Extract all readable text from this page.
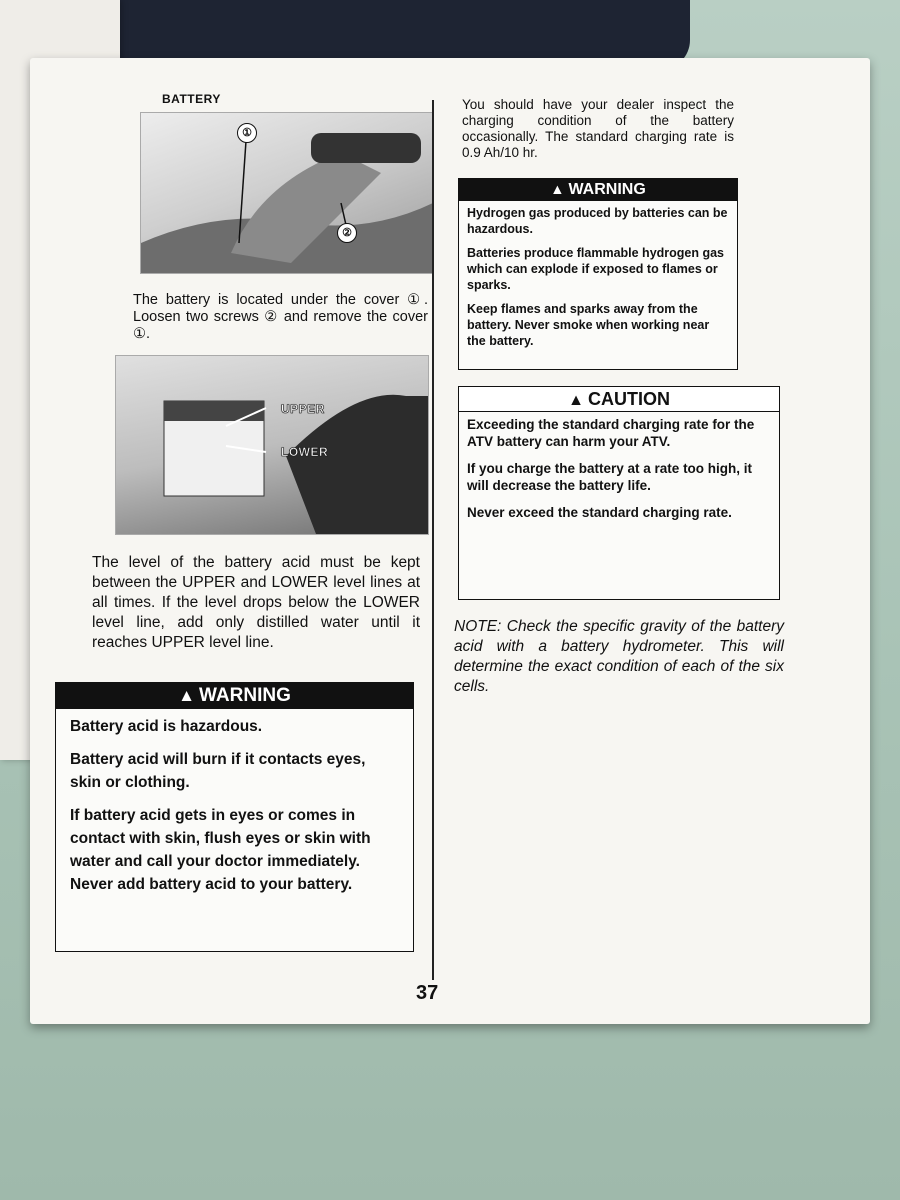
BATTERY
①
②

The battery is located under the cover ①. Loosen two screws ② and remove the cover ①.

UPPER
LOWER

The level of the battery acid must be kept between the UPPER and LOWER level lines at all times. If the level drops below the LOWER level line, add only distilled water until it reaches UPPER level line.

▲ WARNING

Battery acid is hazardous.

Battery acid will burn if it contacts eyes, skin or clothing.

If battery acid gets in eyes or comes in contact with skin, flush eyes or skin with water and call your doctor immediately. Never add battery acid to your battery.

You should have your dealer inspect the charging condition of the battery occasionally. The standard charging rate is 0.9 Ah/10 hr.

▲ WARNING

Hydrogen gas produced by batteries can be hazardous.

Batteries produce flammable hydrogen gas which can explode if exposed to flames or sparks.

Keep flames and sparks away from the battery. Never smoke when working near the battery.

▲ CAUTION

Exceeding the standard charging rate for the ATV battery can harm your ATV.

If you charge the battery at a rate too high, it will decrease the battery life.

Never exceed the standard charging rate.

NOTE: Check the specific gravity of the battery acid with a battery hydrometer. This will determine the exact condition of each of the six cells.

37
